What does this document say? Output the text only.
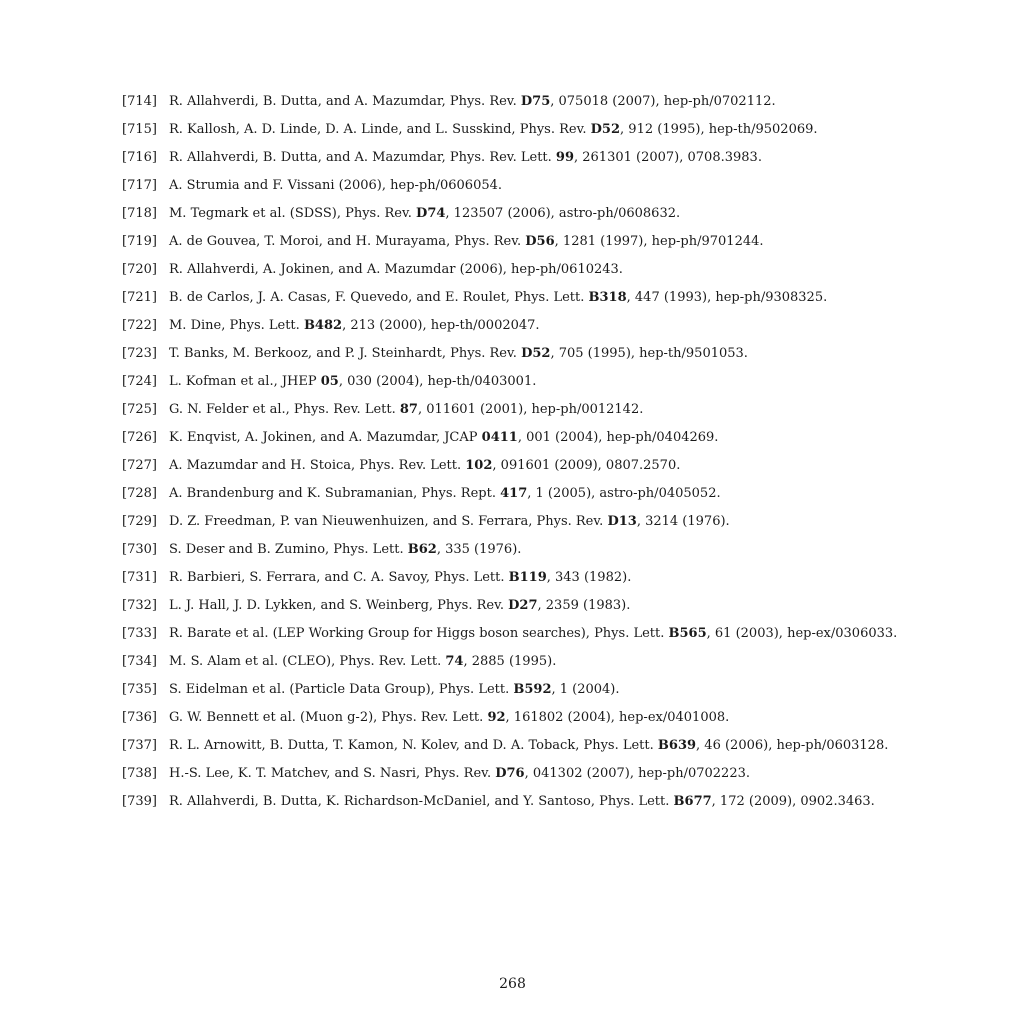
[714] R. Allahverdi, B. Dutta, and A. Mazumdar, Phys. Rev. D75, 075018 (2007), hep-ph/0702112.
[715] R. Kallosh, A. D. Linde, D. A. Linde, and L. Susskind, Phys. Rev. D52, 912 (1995), hep-th/9502069.
[716] R. Allahverdi, B. Dutta, and A. Mazumdar, Phys. Rev. Lett. 99, 261301 (2007), 0708.3983.
[717] A. Strumia and F. Vissani (2006), hep-ph/0606054.
[718] M. Tegmark et al. (SDSS), Phys. Rev. D74, 123507 (2006), astro-ph/0608632.
[719] A. de Gouvea, T. Moroi, and H. Murayama, Phys. Rev. D56, 1281 (1997), hep-ph/9701244.
[720] R. Allahverdi, A. Jokinen, and A. Mazumdar (2006), hep-ph/0610243.
[721] B. de Carlos, J. A. Casas, F. Quevedo, and E. Roulet, Phys. Lett. B318, 447 (1993), hep-ph/9308325.
[722] M. Dine, Phys. Lett. B482, 213 (2000), hep-th/0002047.
[723] T. Banks, M. Berkooz, and P. J. Steinhardt, Phys. Rev. D52, 705 (1995), hep-th/9501053.
[724] L. Kofman et al., JHEP 05, 030 (2004), hep-th/0403001.
[725] G. N. Felder et al., Phys. Rev. Lett. 87, 011601 (2001), hep-ph/0012142.
[726] K. Enqvist, A. Jokinen, and A. Mazumdar, JCAP 0411, 001 (2004), hep-ph/0404269.
[727] A. Mazumdar and H. Stoica, Phys. Rev. Lett. 102, 091601 (2009), 0807.2570.
[728] A. Brandenburg and K. Subramanian, Phys. Rept. 417, 1 (2005), astro-ph/0405052.
[729] D. Z. Freedman, P. van Nieuwenhuizen, and S. Ferrara, Phys. Rev. D13, 3214 (1976).
[730] S. Deser and B. Zumino, Phys. Lett. B62, 335 (1976).
[731] R. Barbieri, S. Ferrara, and C. A. Savoy, Phys. Lett. B119, 343 (1982).
[732] L. J. Hall, J. D. Lykken, and S. Weinberg, Phys. Rev. D27, 2359 (1983).
[733] R. Barate et al. (LEP Working Group for Higgs boson searches), Phys. Lett. B565, 61 (2003), hep-ex/0306033.
[734] M. S. Alam et al. (CLEO), Phys. Rev. Lett. 74, 2885 (1995).
[735] S. Eidelman et al. (Particle Data Group), Phys. Lett. B592, 1 (2004).
[736] G. W. Bennett et al. (Muon g-2), Phys. Rev. Lett. 92, 161802 (2004), hep-ex/0401008.
[737] R. L. Arnowitt, B. Dutta, T. Kamon, N. Kolev, and D. A. Toback, Phys. Lett. B639, 46 (2006), hep-ph/0603128.
[738] H.-S. Lee, K. T. Matchev, and S. Nasri, Phys. Rev. D76, 041302 (2007), hep-ph/0702223.
[739] R. Allahverdi, B. Dutta, K. Richardson-McDaniel, and Y. Santoso, Phys. Lett. B677, 172 (2009), 0902.3463.
268
